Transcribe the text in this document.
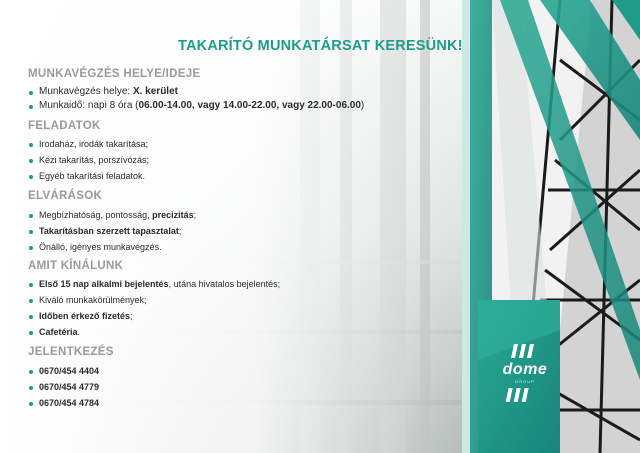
TAKARÍTÓ MUNKATÁRSAT KERESÜNK!
MUNKAVÉGZÉS HELYE/IDEJE
Munkavégzés helye: X. kerület
Munkaidő: napi 8 óra (06.00-14.00, vagy 14.00-22.00, vagy 22.00-06.00)
FELADATOK
Irodaház, irodák takarítása;
Kézi takarítás, porszívózás;
Egyéb takarítási feladatok.
ELVÁRÁSOK
Megbízhatóság, pontosság, precizitás;
Takarításban szerzett tapasztalat;
Önálló, igényes munkavégzés.
AMIT KÍNÁLUNK
Első 15 nap alkalmi bejelentés, utána hivatalos bejelentés;
Kiváló munkakörülmények;
Időben érkező fizetés;
Cafetéria.
JELENTKEZÉS
0670/454 4404
0670/454 4779
0670/454 4784
dome
GROUP
